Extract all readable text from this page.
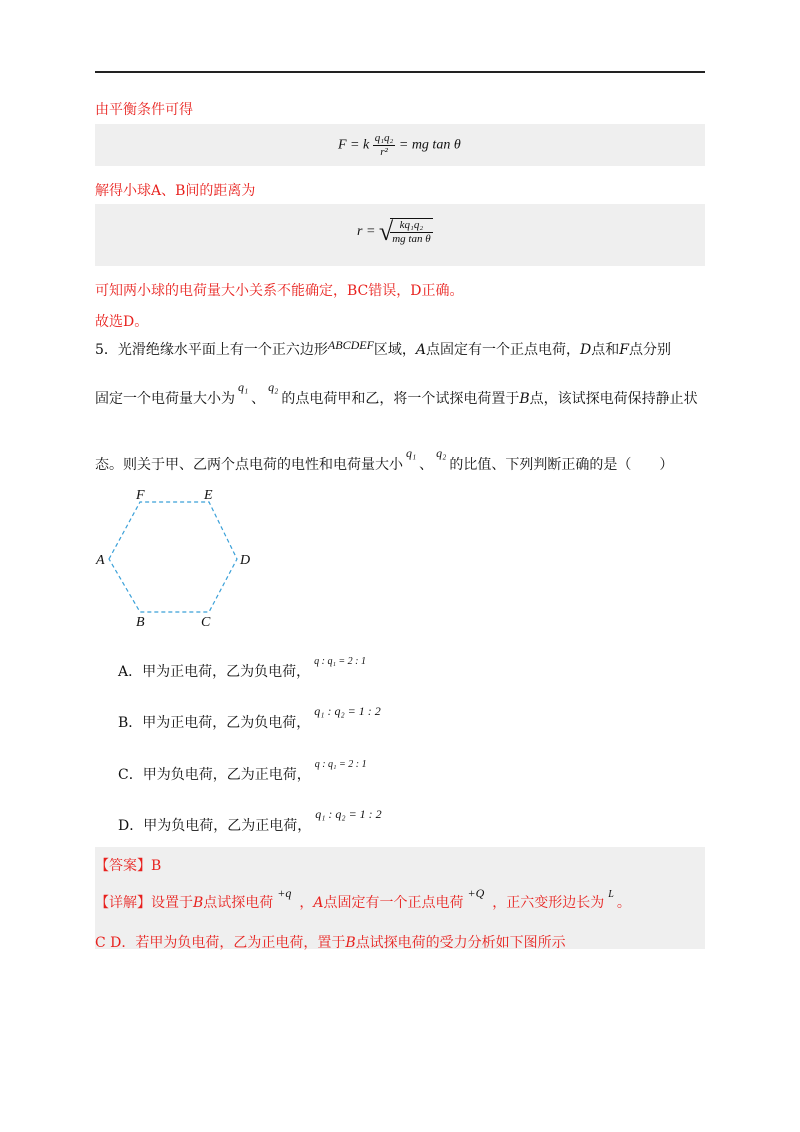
由平衡条件可得
F = k $\frac{\text{q₁q₂}}{\text{r²}}$ = mg tan θ
解得小球A、B间的距离为
r = √
$\frac{\text{kq₁q₂}}{\text{mg tan θ}}$
可知两小球的电荷量大小关系不能确定，BC错误，D正确。
故选D。
5．光滑绝缘水平面上有一个正六边形ABCDEF区域，A点固定有一个正点电荷，D点和F点分别
固定一个电荷量大小为q₁、q₂的点电荷甲和乙，将一个试探电荷置于B点，该试探电荷保持静止状
态。则关于甲、乙两个点电荷的电性和电荷量大小q₁、q₂的比值、下列判断正确的是（　　）
F	E
A	D
B	C
A．甲为正电荷，乙为负电荷，$^{q : q_1 = 2 : 1}$
B．甲为正电荷，乙为负电荷，q₁ : q₂ = 1 : 2
C．甲为负电荷，乙为正电荷，$^{q : q_1 = 2 : 1}$
D．甲为负电荷，乙为正电荷，q₁ : q₂ = 1 : 2
【答案】B
【详解】设置于B点试探电荷+q，A点固定有一个正点电荷+Q，正六变形边长为$^L$。
C D．若甲为负电荷，乙为正电荷，置于B点试探电荷的受力分析如下图所示
